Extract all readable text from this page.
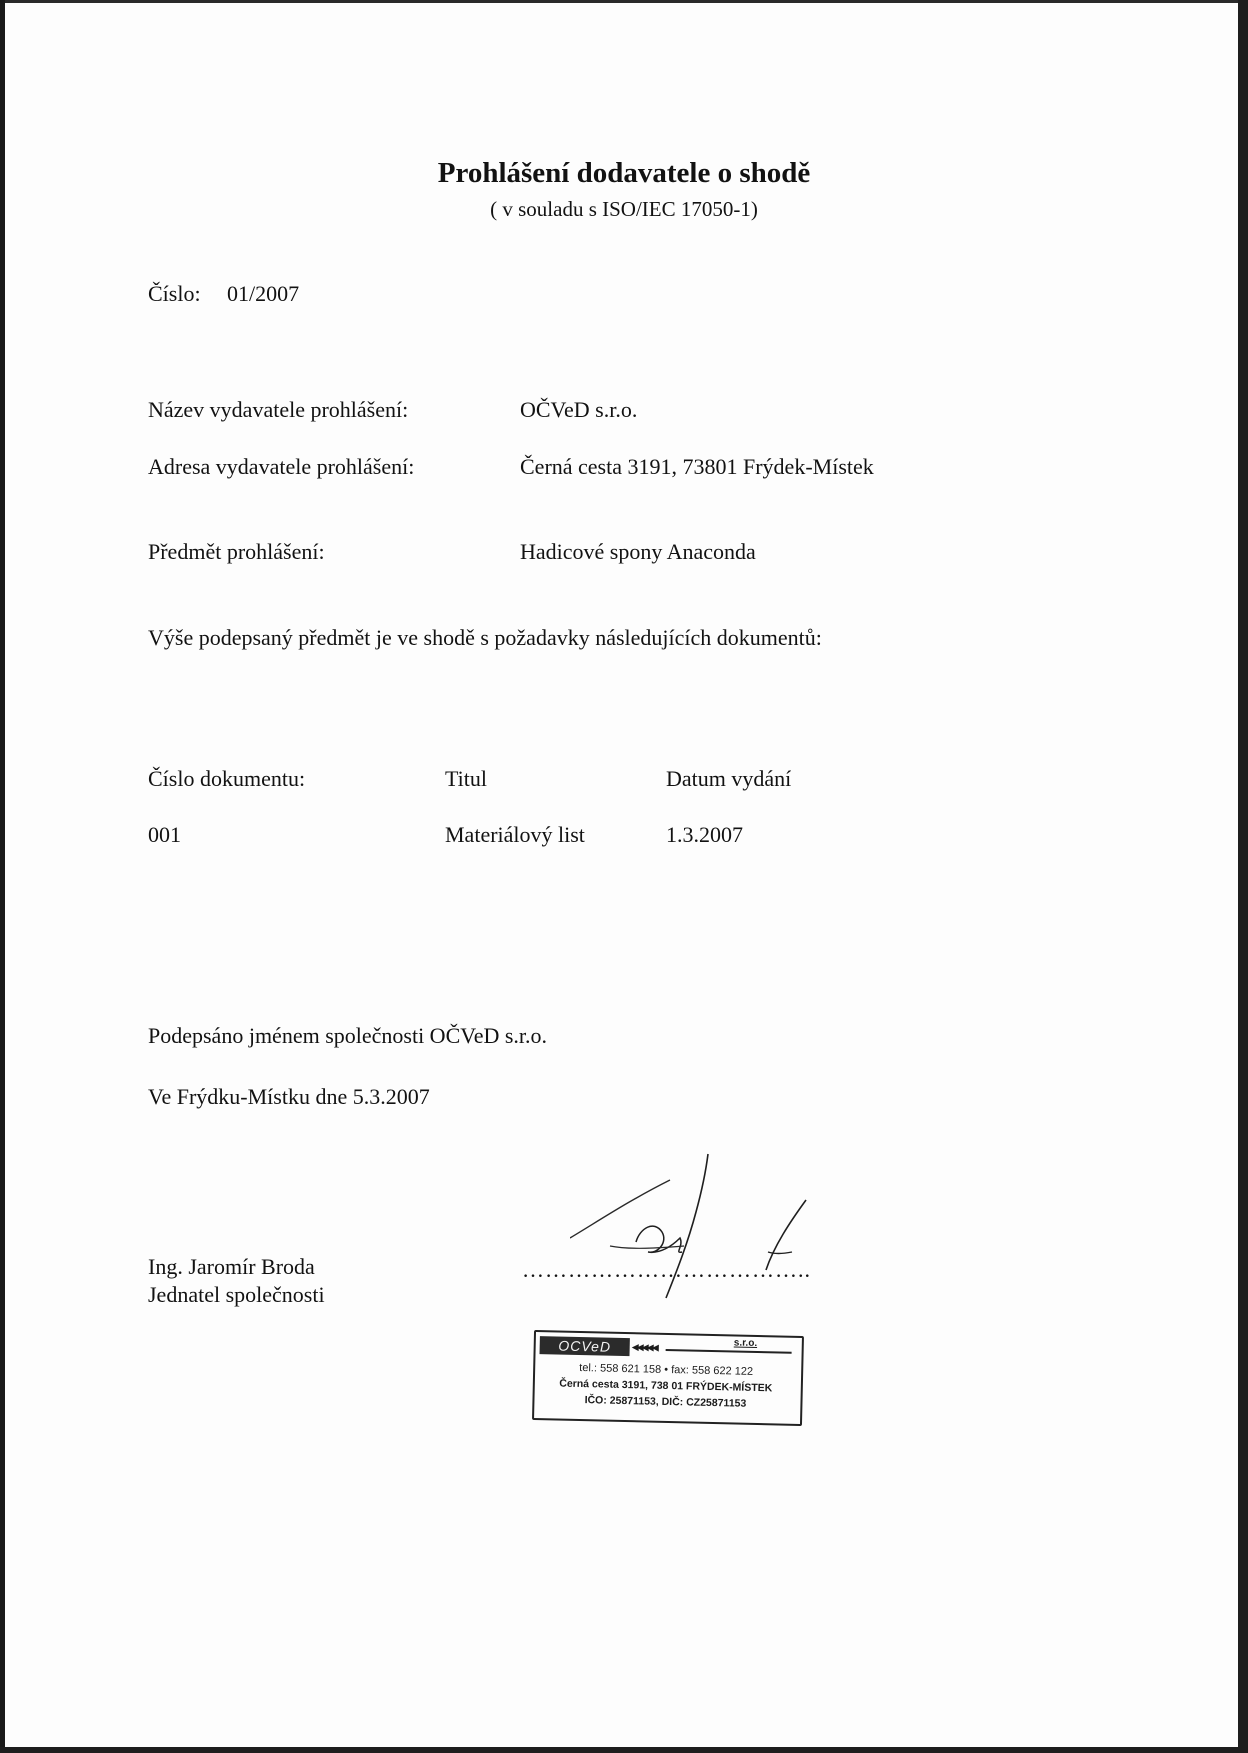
Prohlášení dodavatele o shodě
( v souladu s ISO/IEC 17050-1)
Číslo: 01/2007
Název vydavatele prohlášení:	OČVeD s.r.o.
Adresa vydavatele prohlášení:	Černá cesta 3191, 73801 Frýdek-Místek
Předmět prohlášení:	Hadicové spony Anaconda
Výše podepsaný předmět je ve shodě s požadavky následujících dokumentů:
Číslo dokumentu:	Titul	Datum vydání
001	Materiálový list	1.3.2007
Podepsáno jménem společnosti OČVeD s.r.o.
Ve Frýdku-Místku dne 5.3.2007
Ing. Jaromír Broda
Jednatel společnosti
………………………………..
OCVeD	◂◂◂◂◂	s.r.o.
tel.: 558 621 158 • fax: 558 622 122
Černá cesta 3191, 738 01 FRÝDEK-MÍSTEK
IČO: 25871153, DIČ: CZ25871153
